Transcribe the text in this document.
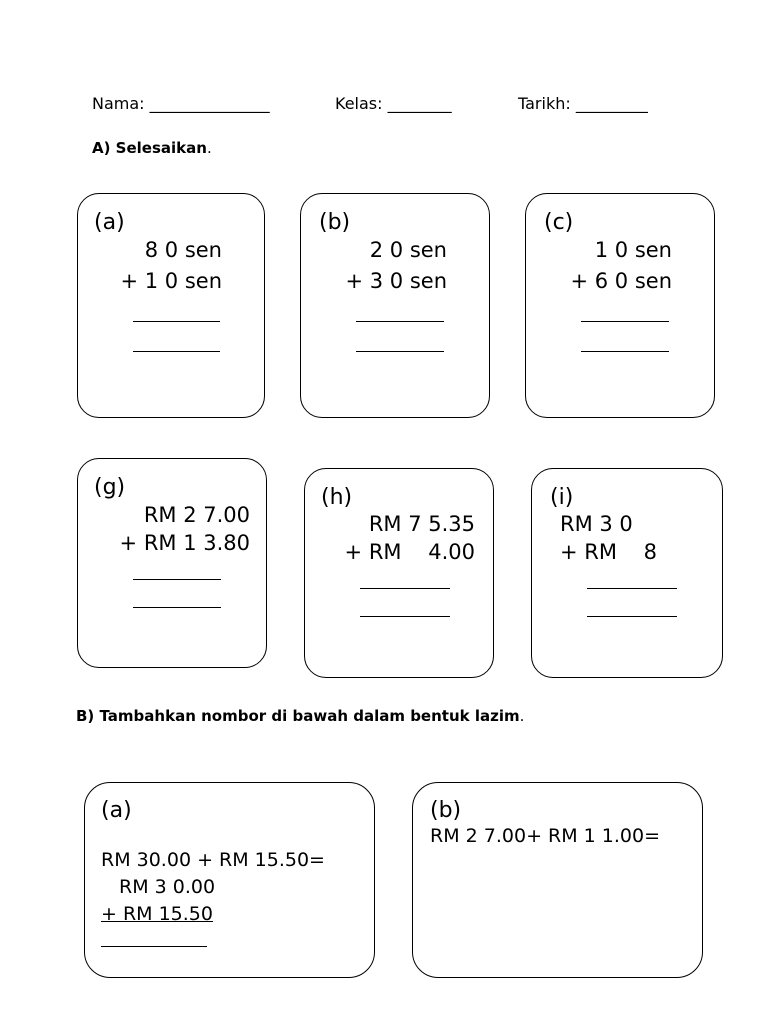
Nama: _______________	Kelas: ________	Tarikh: _________
A) Selesaikan.
(a)
8 0 sen
+ 1 0 sen
(b)
2 0 sen
+ 3 0 sen
(c)
1 0 sen
+ 6 0 sen
(g)
RM 2 7.00
+ RM 1 3.80
(h)
RM 7 5.35
+ RM    4.00
(i)
RM 3 0
+ RM    8
B) Tambahkan nombor di bawah dalam bentuk lazim.
(a)
RM 30.00 + RM 15.50=
RM 3 0.00
+ RM 15.50
(b)
RM 2 7.00+ RM 1 1.00=
